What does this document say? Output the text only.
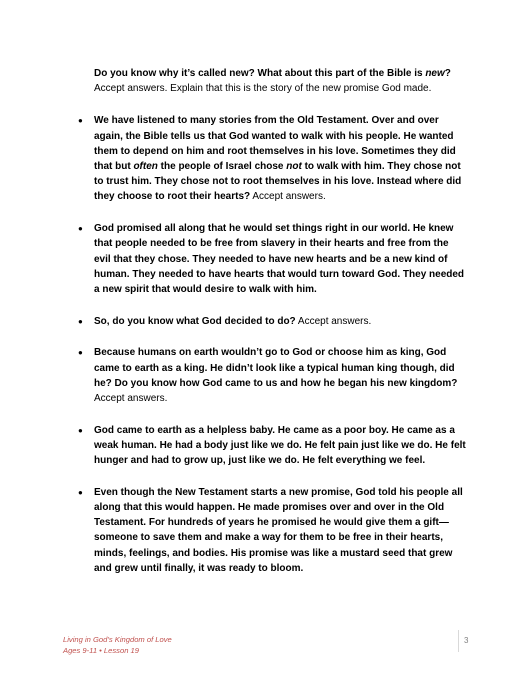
Do you know why it’s called new? What about this part of the Bible is new? Accept answers. Explain that this is the story of the new promise God made.

● We have listened to many stories from the Old Testament. Over and over again, the Bible tells us that God wanted to walk with his people. He wanted them to depend on him and root themselves in his love. Sometimes they did that but often the people of Israel chose not to walk with him. They chose not to trust him. They chose not to root themselves in his love. Instead where did they choose to root their hearts? Accept answers.
● God promised all along that he would set things right in our world. He knew that people needed to be free from slavery in their hearts and free from the evil that they chose. They needed to have new hearts and be a new kind of human. They needed to have hearts that would turn toward God. They needed a new spirit that would desire to walk with him.
● So, do you know what God decided to do? Accept answers.
● Because humans on earth wouldn’t go to God or choose him as king, God came to earth as a king. He didn’t look like a typical human king though, did he? Do you know how God came to us and how he began his new kingdom? Accept answers.
● God came to earth as a helpless baby. He came as a poor boy. He came as a weak human. He had a body just like we do. He felt pain just like we do. He felt hunger and had to grow up, just like we do. He felt everything we feel.
● Even though the New Testament starts a new promise, God told his people all along that this would happen. He made promises over and over in the Old Testament. For hundreds of years he promised he would give them a gift—someone to save them and make a way for them to be free in their hearts, minds, feelings, and bodies. His promise was like a mustard seed that grew and grew until finally, it was ready to bloom.
Living in God’s Kingdom of Love
Ages 9-11 • Lesson 19
3
